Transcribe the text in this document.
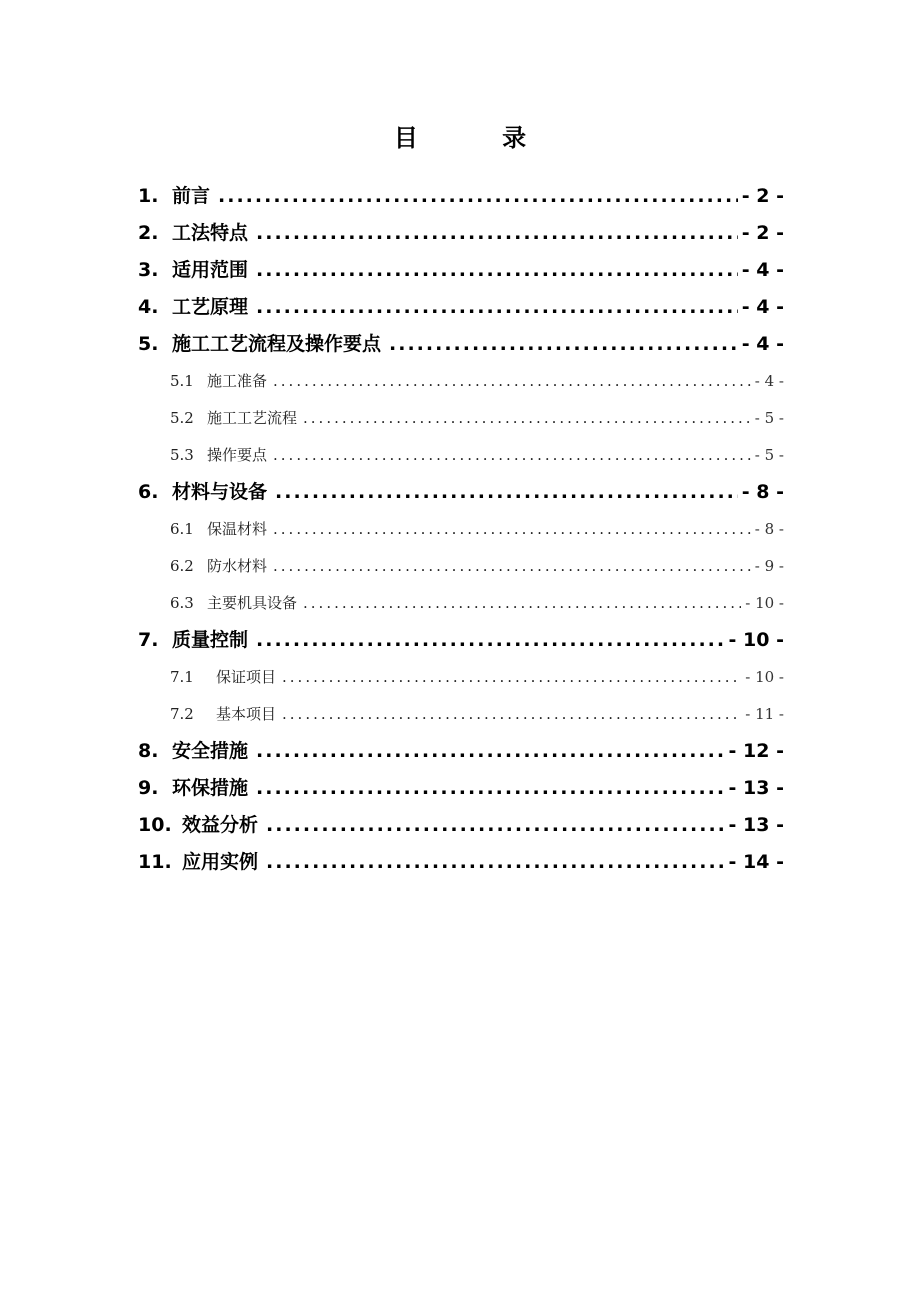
目 录
1. 前言 .....	- 2 -
2. 工法特点 .....	- 2 -
3. 适用范围 .....	- 4 -
4. 工艺原理 .....	- 4 -
5. 施工工艺流程及操作要点 .....	- 4 -
5.1 施工准备 .....	- 4 -
5.2 施工工艺流程 .....	- 5 -
5.3 操作要点 .....	- 5 -
6. 材料与设备 .....	- 8 -
6.1 保温材料 .....	- 8 -
6.2 防水材料 .....	- 9 -
6.3 主要机具设备 .....	- 10 -
7. 质量控制 .....	- 10 -
7.1	保证项目 .....	- 10 -
7.2	基本项目 .....	- 11 -
8. 安全措施 .....	- 12 -
9. 环保措施 .....	- 13 -
10. 效益分析 .....	- 13 -
11. 应用实例 .....	- 14 -
